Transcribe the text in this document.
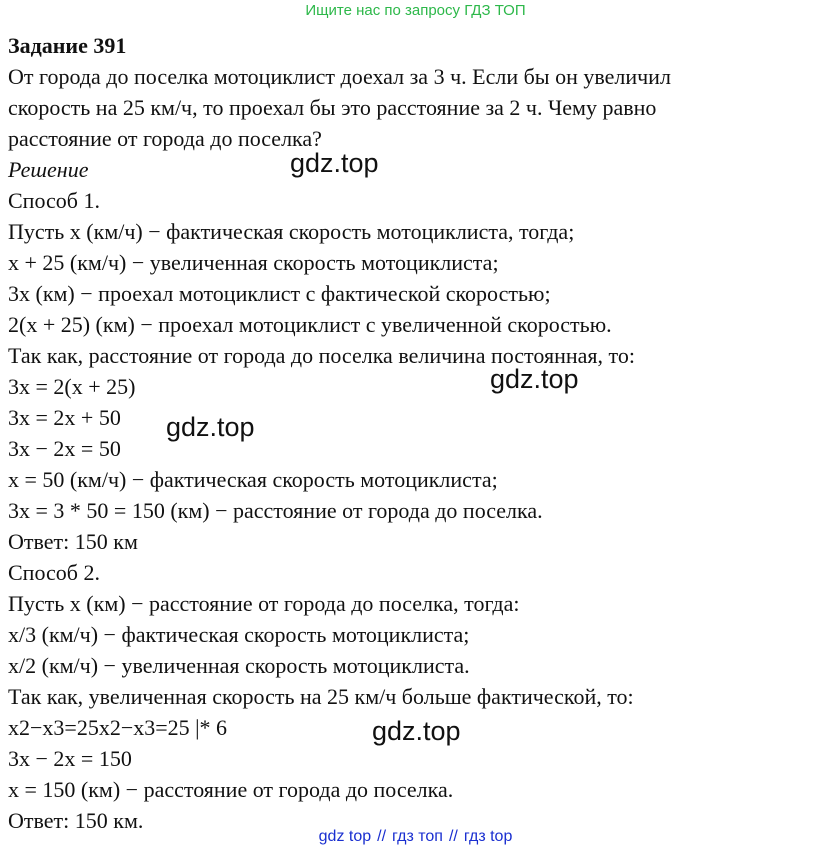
Ищите нас по запросу ГДЗ ТОП
Задание 391
От города до поселка мотоциклист доехал за 3 ч. Если бы он увеличил
скорость на 25 км/ч, то проехал бы это расстояние за 2 ч. Чему равно
расстояние от города до поселка?
Решение
Способ 1.
Пусть х (км/ч) − фактическая скорость мотоциклиста, тогда;
х + 25 (км/ч) − увеличенная скорость мотоциклиста;
3х (км) − проехал мотоциклист с фактической скоростью;
2(х + 25) (км) − проехал мотоциклист с увеличенной скоростью.
Так как, расстояние от города до поселка величина постоянная, то:
3х = 2(х + 25)
3х = 2х + 50
3х − 2х = 50
х = 50 (км/ч) − фактическая скорость мотоциклиста;
3х = 3 * 50 = 150 (км) − расстояние от города до поселка.
Ответ: 150 км
Способ 2.
Пусть х (км) − расстояние от города до поселка, тогда:
х/3 (км/ч) − фактическая скорость мотоциклиста;
х/2 (км/ч) − увеличенная скорость мотоциклиста.
Так как, увеличенная скорость на 25 км/ч больше фактической, то:
x2−x3=25x2−x3=25 |* 6
3х − 2х = 150
х = 150 (км) − расстояние от города до поселка.
Ответ: 150 км.
gdz.top
gdz.top
gdz.top
gdz.top
gdz top // гдз топ // гдз top
